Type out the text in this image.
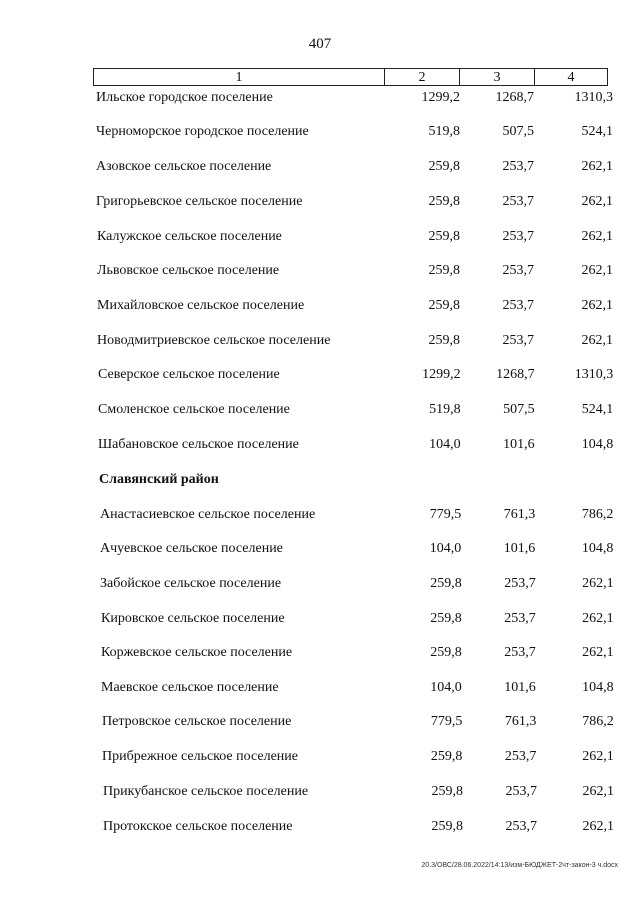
407
1	2	3	4
Ильское городское поселение	1299,2	1268,7	1310,3
Черноморское городское поселение	519,8	507,5	524,1
Азовское сельское поселение	259,8	253,7	262,1
Григорьевское сельское поселение	259,8	253,7	262,1
Калужское сельское поселение	259,8	253,7	262,1
Львовское сельское поселение	259,8	253,7	262,1
Михайловское сельское поселение	259,8	253,7	262,1
Новодмитриевское сельское поселение	259,8	253,7	262,1
Северское сельское поселение	1299,2	1268,7	1310,3
Смоленское сельское поселение	519,8	507,5	524,1
Шабановское сельское поселение	104,0	101,6	104,8
Славянский район
Анастасиевское сельское поселение	779,5	761,3	786,2
Ачуевское сельское поселение	104,0	101,6	104,8
Забойское сельское поселение	259,8	253,7	262,1
Кировское сельское поселение	259,8	253,7	262,1
Коржевское сельское поселение	259,8	253,7	262,1
Маевское сельское поселение	104,0	101,6	104,8
Петровское сельское поселение	779,5	761,3	786,2
Прибрежное сельское поселение	259,8	253,7	262,1
Прикубанское сельское поселение	259,8	253,7	262,1
Протокское сельское поселение	259,8	253,7	262,1
20.3/ОВС/28.06.2022/14:13/изм-БЮДЖЕТ-2чт-закон-3 ч.docx
